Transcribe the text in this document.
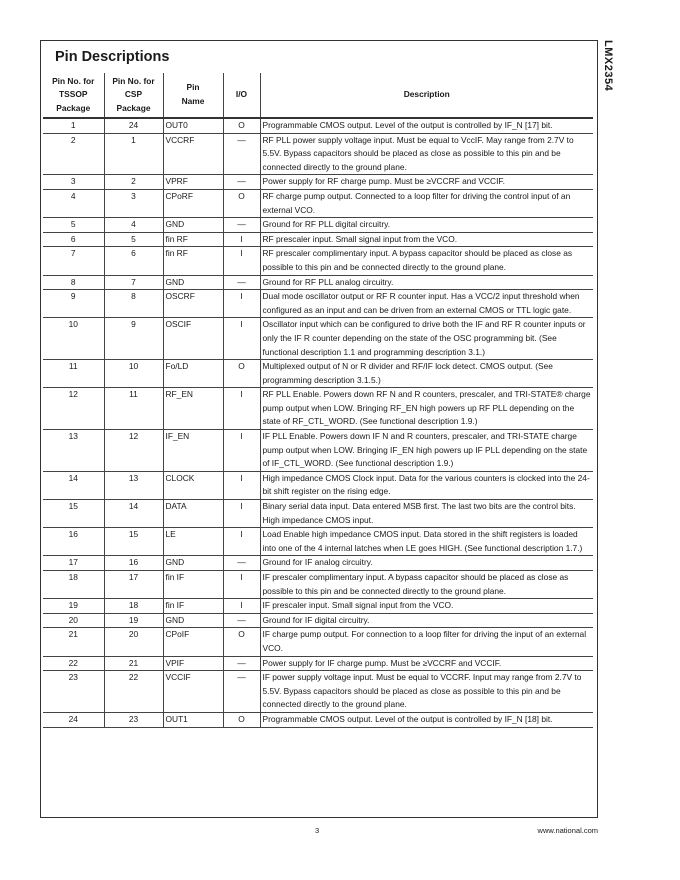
LMX2354

Pin Descriptions
Pin No. for
TSSOP
Package	Pin No. for
CSP
Package	Pin
Name	I/O	Description
1	24	OUT0	O	Programmable CMOS output. Level of the output is controlled by IF_N [17] bit.
2	1	VCCRF	—	RF PLL power supply voltage input. Must be equal to VccIF. May range from 2.7V to 5.5V. Bypass capacitors should be placed as close as possible to this pin and be connected directly to the ground plane.
3	2	VPRF	—	Power supply for RF charge pump. Must be ≥VCCRF and VCCIF.
4	3	CPoRF	O	RF charge pump output. Connected to a loop filter for driving the control input of an external VCO.
5	4	GND	—	Ground for RF PLL digital circuitry.
6	5	fin RF	I	RF prescaler input. Small signal input from the VCO.
7	6	fin RF	I	RF prescaler complimentary input. A bypass capacitor should be placed as close as possible to this pin and be connected directly to the ground plane.
8	7	GND	—	Ground for RF PLL analog circuitry.
9	8	OSCRF	I	Dual mode oscillator output or RF R counter input. Has a VCC/2 input threshold when configured as an input and can be driven from an external CMOS or TTL logic gate.
10	9	OSCIF	I	Oscillator input which can be configured to drive both the IF and RF R counter inputs or only the IF R counter depending on the state of the OSC programming bit. (See functional description 1.1 and programming description 3.1.)
11	10	Fo/LD	O	Multiplexed output of N or R divider and RF/IF lock detect. CMOS output. (See programming description 3.1.5.)
12	11	RF_EN	I	RF PLL Enable. Powers down RF N and R counters, prescaler, and TRI-STATE® charge pump output when LOW. Bringing RF_EN high powers up RF PLL depending on the state of RF_CTL_WORD. (See functional description 1.9.)
13	12	IF_EN	I	IF PLL Enable. Powers down IF N and R counters, prescaler, and TRI-STATE charge pump output when LOW. Bringing IF_EN high powers up IF PLL depending on the state of IF_CTL_WORD. (See functional description 1.9.)
14	13	CLOCK	I	High impedance CMOS Clock input. Data for the various counters is clocked into the 24-bit shift register on the rising edge.
15	14	DATA	I	Binary serial data input. Data entered MSB first. The last two bits are the control bits. High impedance CMOS input.
16	15	LE	I	Load Enable high impedance CMOS input. Data stored in the shift registers is loaded into one of the 4 internal latches when LE goes HIGH. (See functional description 1.7.)
17	16	GND	—	Ground for IF analog circuitry.
18	17	fin IF	I	IF prescaler complimentary input. A bypass capacitor should be placed as close as possible to this pin and be connected directly to the ground plane.
19	18	fin IF	I	IF prescaler input. Small signal input from the VCO.
20	19	GND	—	Ground for IF digital circuitry.
21	20	CPoIF	O	IF charge pump output. For connection to a loop filter for driving the input of an external VCO.
22	21	VPIF	—	Power supply for IF charge pump. Must be ≥VCCRF and VCCIF.
23	22	VCCIF	—	IF power supply voltage input. Must be equal to VCCRF. Input may range from 2.7V to 5.5V. Bypass capacitors should be placed as close as possible to this pin and be connected directly to the ground plane.
24	23	OUT1	O	Programmable CMOS output. Level of the output is controlled by IF_N [18] bit.
3	www.national.com
